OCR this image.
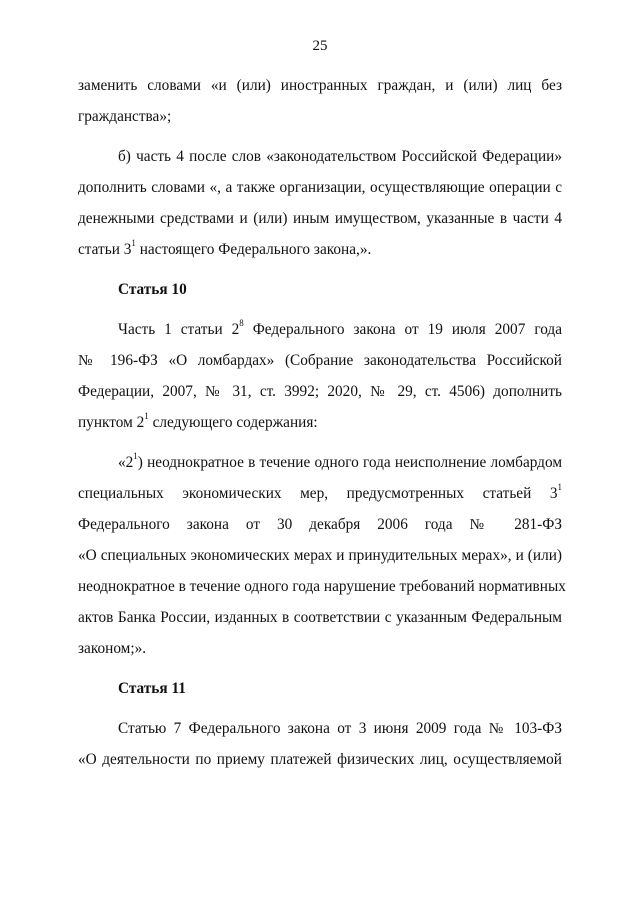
25
заменить словами «и (или) иностранных граждан, и (или) лиц без
гражданства»;
б) часть 4 после слов «законодательством Российской Федерации»
дополнить словами «, а также организации, осуществляющие операции с
денежными средствами и (или) иным имуществом, указанные в части 4
статьи $3^1$ настоящего Федерального закона,».
Статья 10
Часть 1 статьи $2^8$ Федерального закона от 19 июля 2007 года
№ 196-ФЗ «О ломбардах» (Собрание законодательства Российской
Федерации, 2007, № 31, ст. 3992; 2020, № 29, ст. 4506) дополнить
пунктом $2^1$ следующего содержания:
«$2^1$) неоднократное в течение одного года неисполнение ломбардом
специальных экономических мер, предусмотренных статьей $3^1$
Федерального закона от 30 декабря 2006 года № 281-ФЗ
«О специальных экономических мерах и принудительных мерах», и (или)
неоднократное в течение одного года нарушение требований нормативных
актов Банка России, изданных в соответствии с указанным Федеральным
законом;».
Статья 11
Статью 7 Федерального закона от 3 июня 2009 года № 103-ФЗ
«О деятельности по приему платежей физических лиц, осуществляемой
